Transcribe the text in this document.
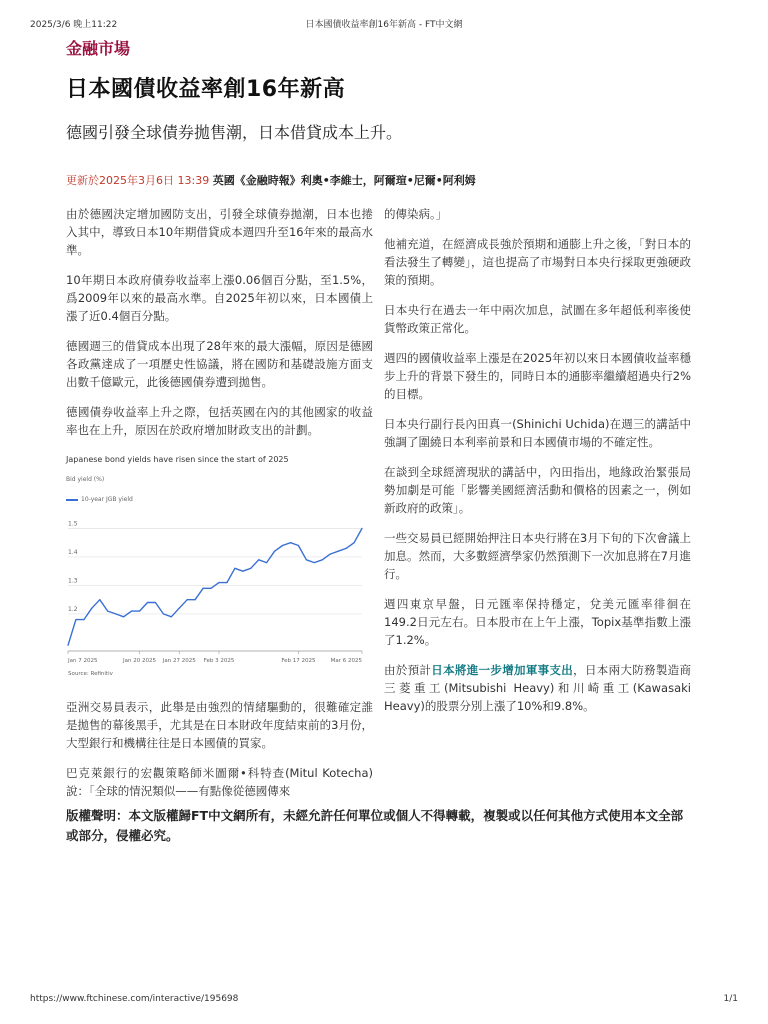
2025/3/6 晚上11:22	日本國債收益率創16年新高 - FT中文網
金融市場
日本國債收益率創16年新高
德國引發全球債券拋售潮，日本借貸成本上升。
更新於2025年3月6日 13:39 英國《金融時報》利奧•李維士，阿爾瑄•尼爾•阿利姆

由於德國決定增加國防支出，引發全球債券拋潮，日本也捲入其中，導致日本10年期借貸成本週四升至16年來的最高水準。

10年期日本政府債券收益率上漲0.06個百分點，至1.5%，爲2009年以來的最高水準。自2025年初以來，日本國債上漲了近0.4個百分點。

德國週三的借貸成本出現了28年來的最大漲幅，原因是德國各政黨達成了一項歷史性協議，將在國防和基礎設施方面支出數千億歐元，此後德國債券遭到拋售。

德國債券收益率上升之際，包括英國在內的其他國家的收益率也在上升，原因在於政府增加財政支出的計劃。

Japanese bond yields have risen since the start of 2025
Bid yield (%)
10-year JGB yield
1.2
1.3
1.4
1.5
Jan 7 2025	Jan 20 2025 Jan 27 2025 Feb 3 2025	Feb 17 2025	Mar 6 2025
Source: Refinitiv

亞洲交易員表示，此舉是由強烈的情緒驅動的，很難確定誰是拋售的幕後黑手，尤其是在日本財政年度結束前的3月份，大型銀行和機構往往是日本國債的買家。

巴克萊銀行的宏觀策略師米圖爾•科特查(Mitul Kotecha)說：「全球的情況類似——有點像從德國傳來

的傳染病。」

他補充道，在經濟成長強於預期和通膨上升之後，「對日本的看法發生了轉變」，這也提高了市場對日本央行採取更強硬政策的預期。

日本央行在過去一年中兩次加息，試圖在多年超低利率後使貨幣政策正常化。

週四的國債收益率上漲是在2025年初以來日本國債收益率穩步上升的背景下發生的，同時日本的通膨率繼續超過央行2%的目標。

日本央行副行長內田真一(Shinichi Uchida)在週三的講話中強調了圍繞日本利率前景和日本國債市場的不確定性。

在談到全球經濟現狀的講話中，內田指出，地緣政治緊張局勢加劇是可能「影響美國經濟活動和價格的因素之一，例如新政府的政策」。

一些交易員已經開始押注日本央行將在3月下旬的下次會議上加息。然而，大多數經濟學家仍然預測下一次加息將在7月進行。

週四東京早盤，日元匯率保持穩定，兌美元匯率徘徊在149.2日元左右。日本股市在上午上漲，Topix基準指數上漲了1.2%。

由於預計日本將進一步增加軍事支出，日本兩大防務製造商三菱重工(Mitsubishi Heavy)和川崎重工(Kawasaki Heavy)的股票分別上漲了10%和9.8%。

版權聲明：本文版權歸FT中文網所有，未經允許任何單位或個人不得轉載，複製或以任何其他方式使用本文全部或部分，侵權必究。
https://www.ftchinese.com/interactive/195698	1/1
